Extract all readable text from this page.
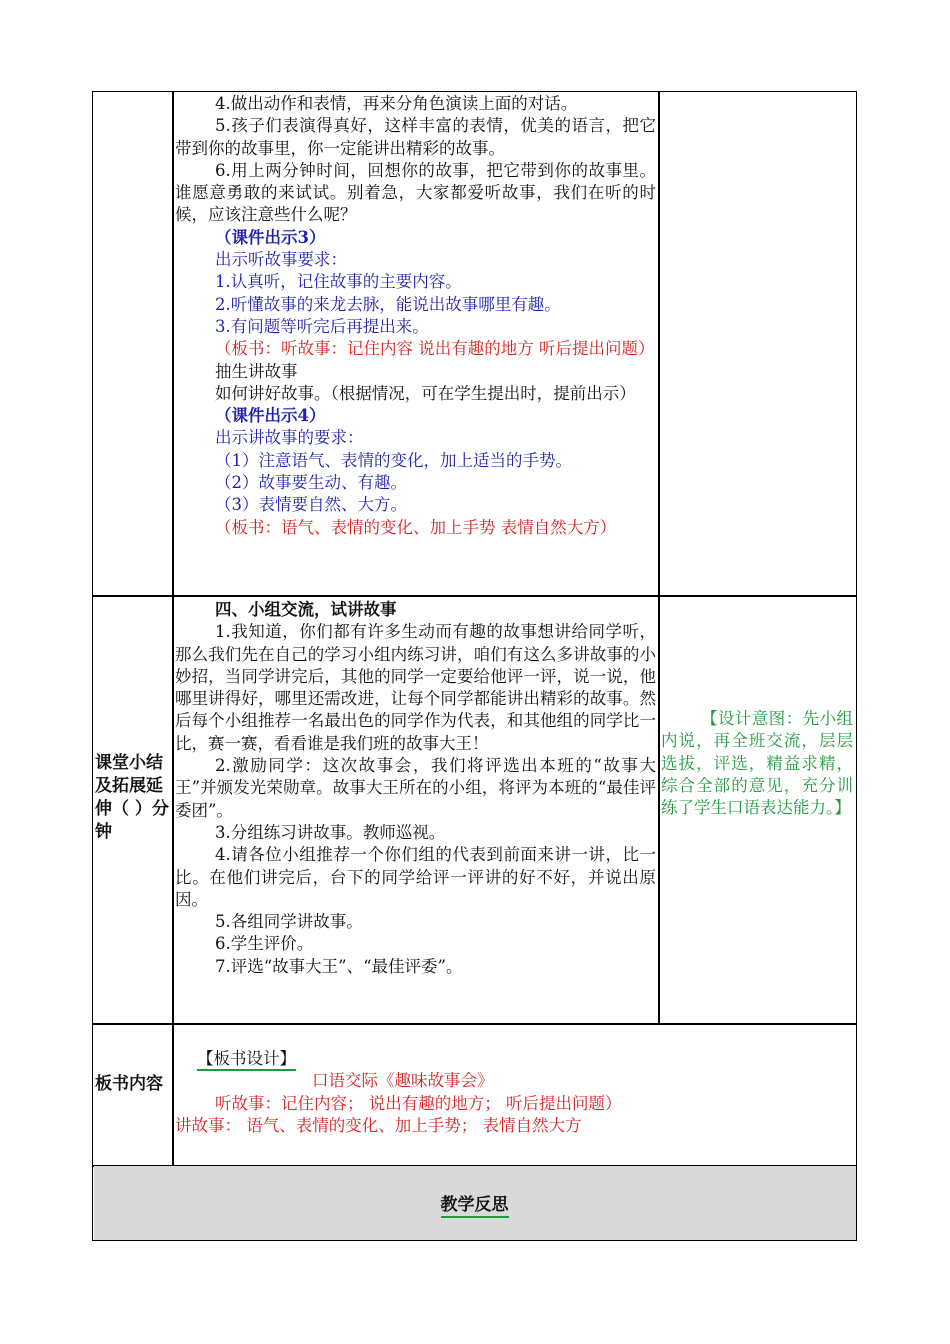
4.做出动作和表情，再来分角色演读上面的对话。

5.孩子们表演得真好，这样丰富的表情，优美的语言，把它带到你的故事里，你一定能讲出精彩的故事。

6.用上两分钟时间，回想你的故事，把它带到你的故事里。谁愿意勇敢的来试试。别着急，大家都爱听故事，我们在听的时候，应该注意些什么呢？

（课件出示3）

出示听故事要求：

1.认真听，记住故事的主要内容。

2.听懂故事的来龙去脉，能说出故事哪里有趣。

3.有问题等听完后再提出来。

（板书：听故事：记住内容 说出有趣的地方 听后提出问题）

抽生讲故事

如何讲好故事。（根据情况，可在学生提出时，提前出示）

（课件出示4）

出示讲故事的要求：

（1）注意语气、表情的变化，加上适当的手势。

（2）故事要生动、有趣。

（3）表情要自然、大方。

（板书：语气、表情的变化、加上手势 表情自然大方）

课堂小结及拓展延伸（ ）分钟

四、小组交流，试讲故事

1.我知道，你们都有许多生动而有趣的故事想讲给同学听，那么我们先在自己的学习小组内练习讲，咱们有这么多讲故事的小妙招，当同学讲完后，其他的同学一定要给他评一评，说一说，他哪里讲得好，哪里还需改进，让每个同学都能讲出精彩的故事。然后每个小组推荐一名最出色的同学作为代表，和其他组的同学比一比，赛一赛，看看谁是我们班的故事大王！

2.激励同学：这次故事会，我们将评选出本班的“故事大王”并颁发光荣勋章。故事大王所在的小组，将评为本班的“最佳评委团”。

3.分组练习讲故事。教师巡视。

4.请各位小组推荐一个你们组的代表到前面来讲一讲，比一比。在他们讲完后，台下的同学给评一评讲的好不好，并说出原因。

5.各组同学讲故事。

6.学生评价。

7.评选“故事大王”、“最佳评委”。

【设计意图：先小组内说，再全班交流，层层选拔，评选，精益求精，综合全部的意见，充分训练了学生口语表达能力。】

板书内容

【板书设计】

口语交际《趣味故事会》

听故事：记住内容； 说出有趣的地方； 听后提出问题）

讲故事： 语气、表情的变化、加上手势； 表情自然大方

教学反思
